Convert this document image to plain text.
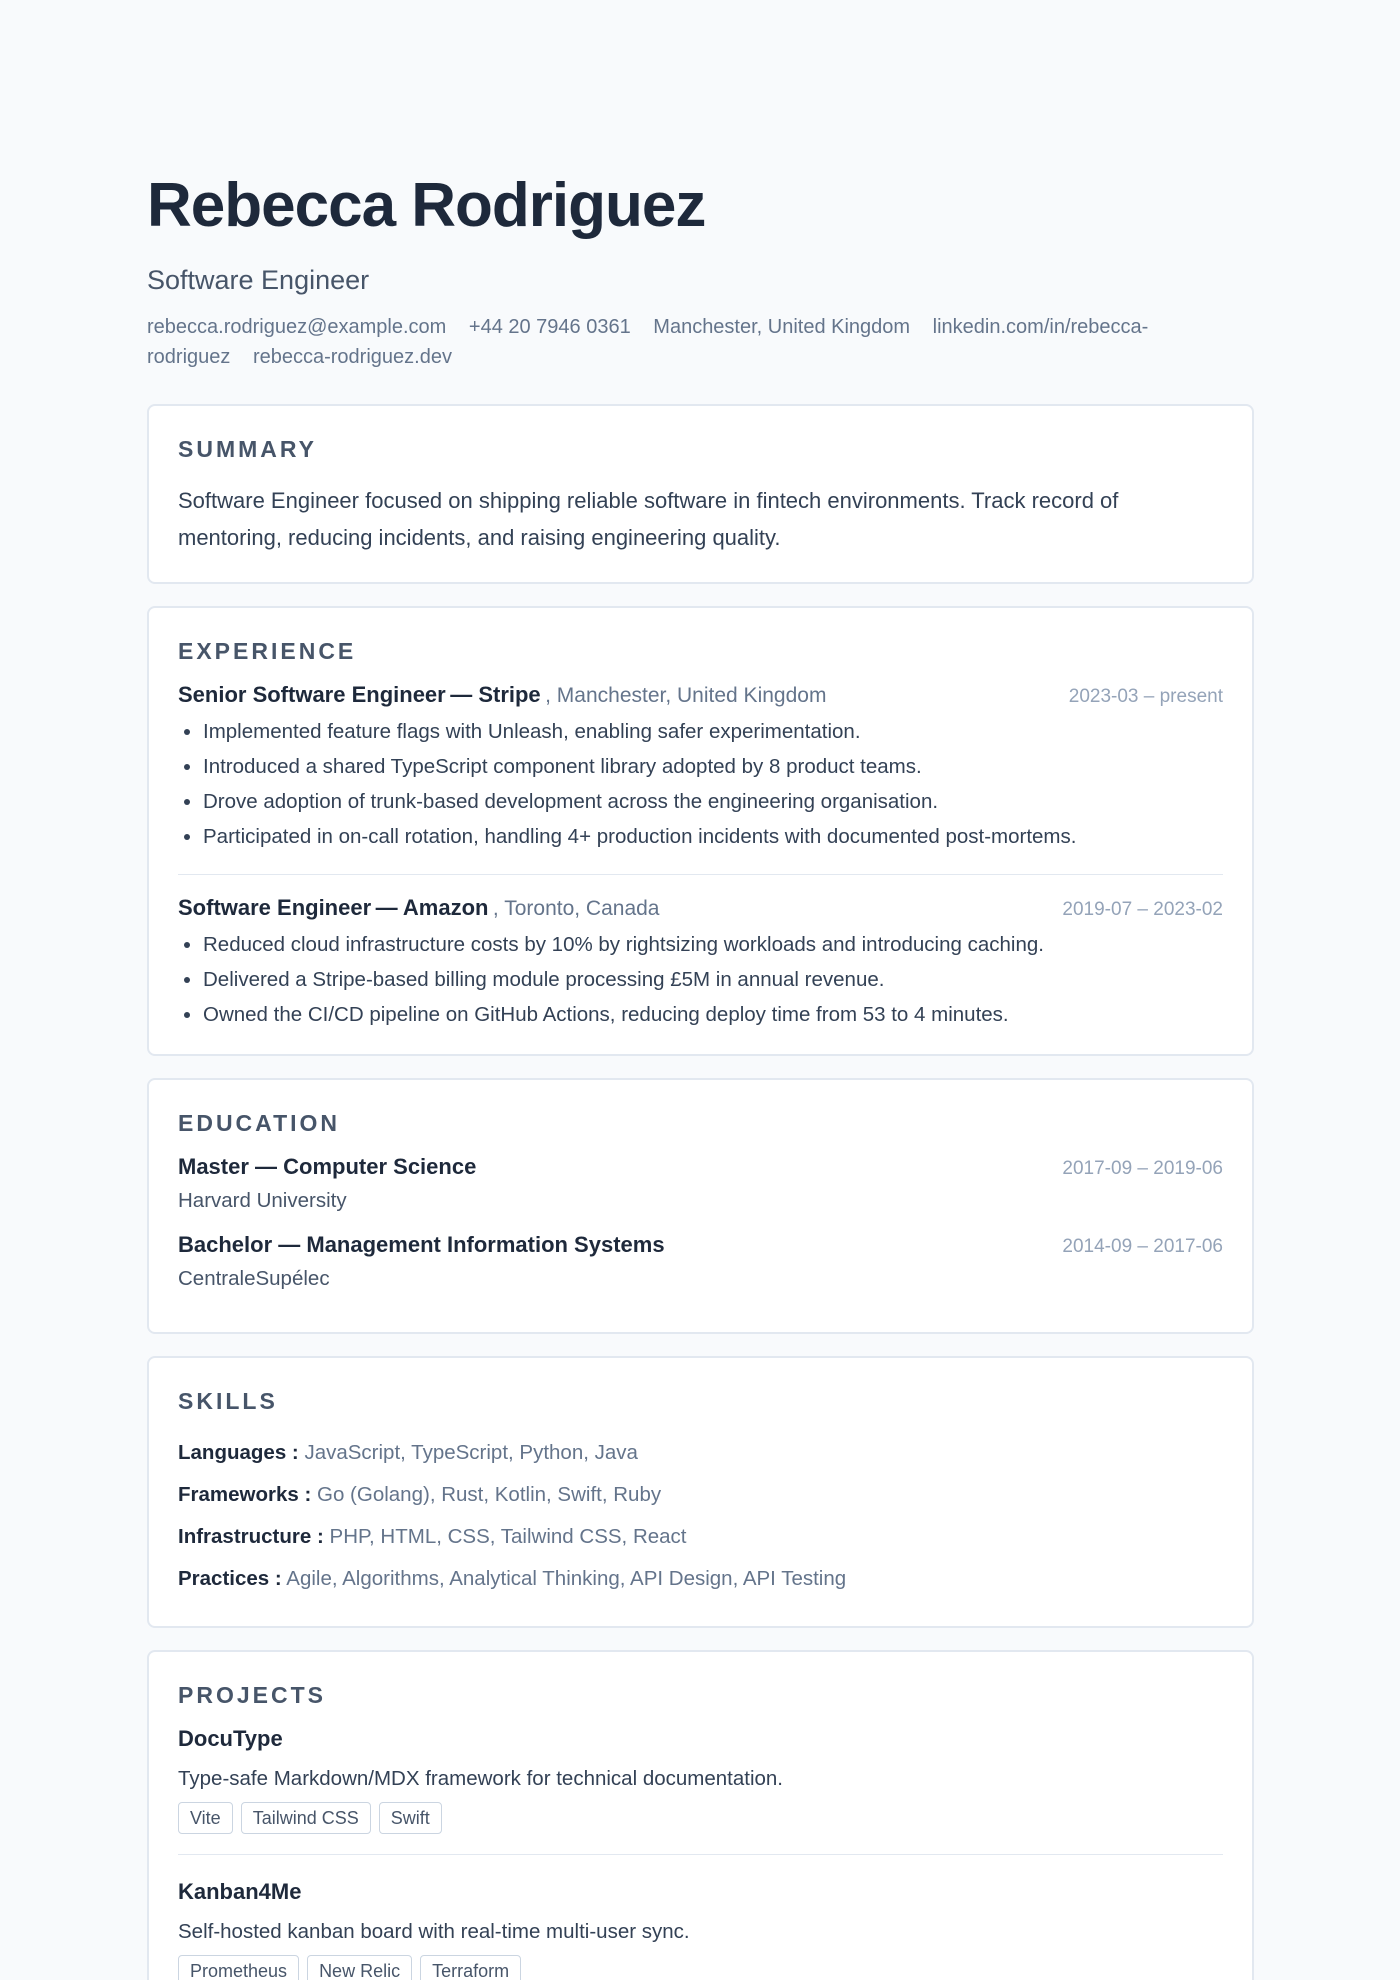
Rebecca Rodriguez
Software Engineer
rebecca.rodriguez@example.com +44 20 7946 0361 Manchester, United Kingdom linkedin.com/in/rebecca-rodriguez rebecca-rodriguez.dev
SUMMARY

Software Engineer focused on shipping reliable software in fintech environments. Track record of mentoring, reducing incidents, and raising engineering quality.

EXPERIENCE
Senior Software Engineer — Stripe , Manchester, United Kingdom	2023-03 – present
• Implemented feature flags with Unleash, enabling safer experimentation.
• Introduced a shared TypeScript component library adopted by 8 product teams.
• Drove adoption of trunk-based development across the engineering organisation.
• Participated in on-call rotation, handling 4+ production incidents with documented post-mortems.
Software Engineer — Amazon , Toronto, Canada	2019-07 – 2023-02
• Reduced cloud infrastructure costs by 10% by rightsizing workloads and introducing caching.
• Delivered a Stripe-based billing module processing £5M in annual revenue.
• Owned the CI/CD pipeline on GitHub Actions, reducing deploy time from 53 to 4 minutes.
EDUCATION
Master — Computer Science	2017-09 – 2019-06
Harvard University
Bachelor — Management Information Systems	2014-09 – 2017-06
CentraleSupélec
SKILLS
Languages : JavaScript, TypeScript, Python, Java
Frameworks : Go (Golang), Rust, Kotlin, Swift, Ruby
Infrastructure : PHP, HTML, CSS, Tailwind CSS, React
Practices : Agile, Algorithms, Analytical Thinking, API Design, API Testing
PROJECTS
DocuType
Type-safe Markdown/MDX framework for technical documentation.
Vite	Tailwind CSS	Swift
Kanban4Me
Self-hosted kanban board with real-time multi-user sync.
Prometheus	New Relic	Terraform
